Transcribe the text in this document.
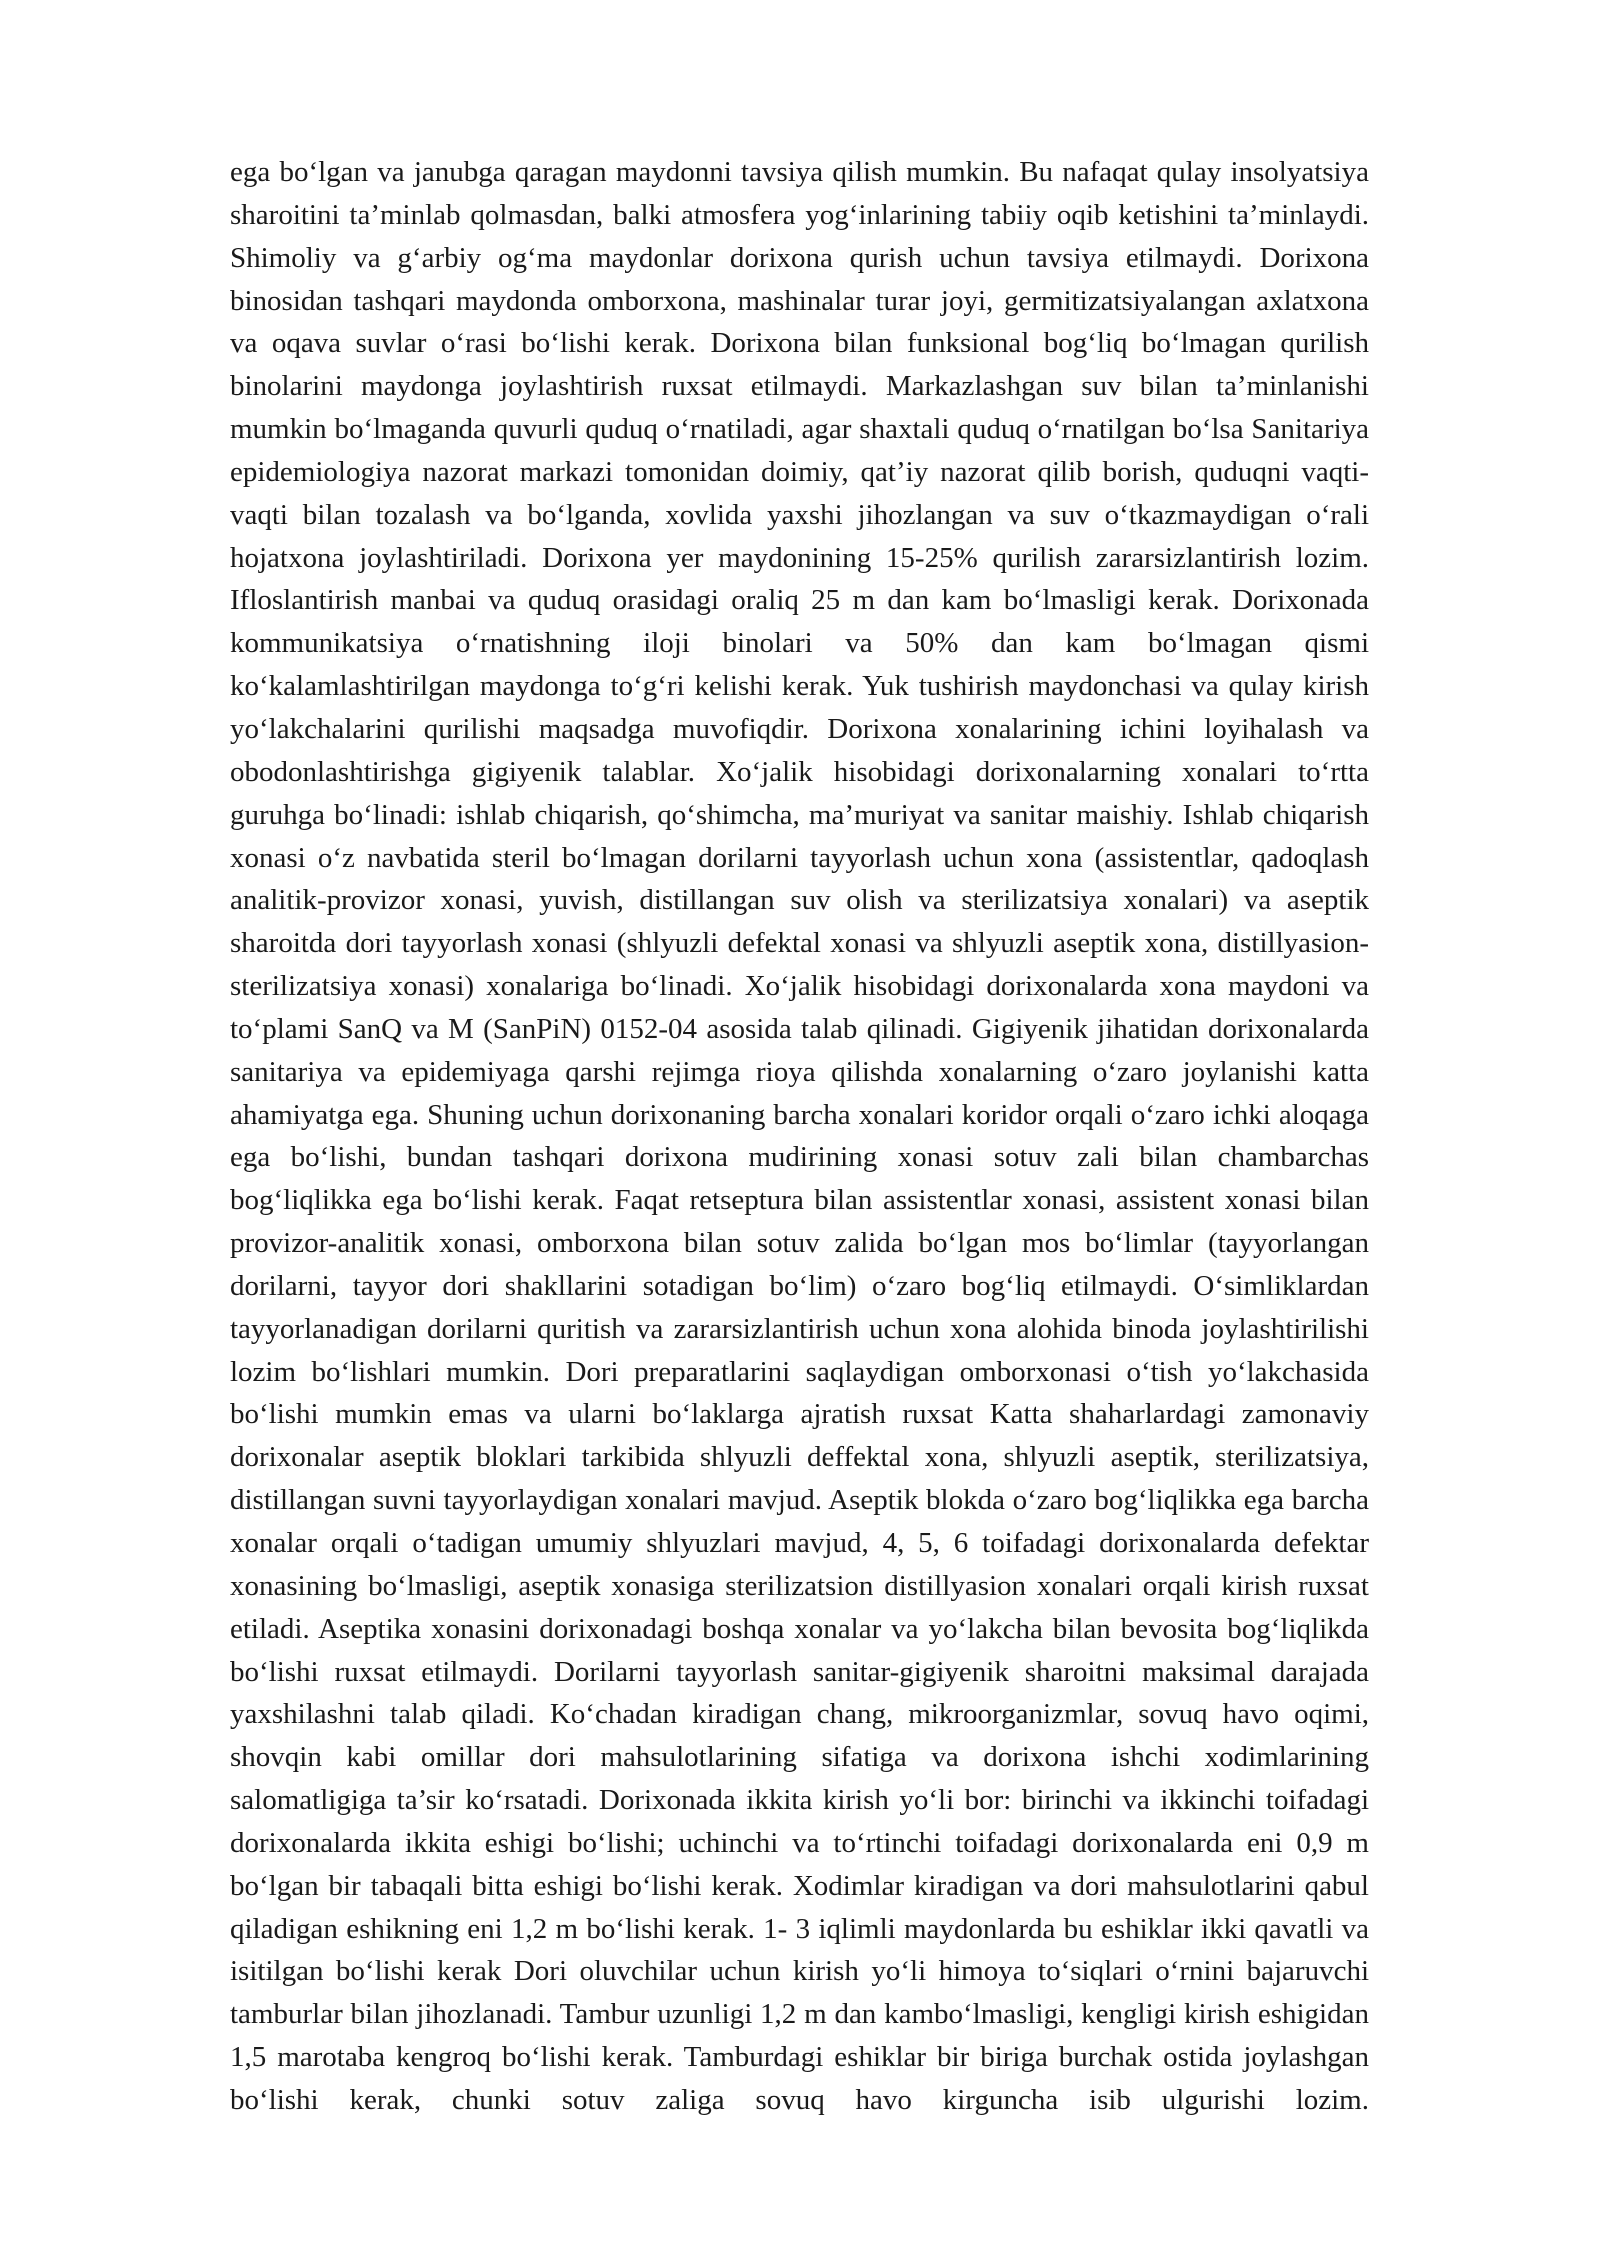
ega boʻlgan va janubga qaragan maydonni tavsiya qilish mumkin. Bu nafaqat qulay insolyatsiya sharoitini ta’minlab qolmasdan, balki atmosfera yogʻinlarining tabiiy oqib ketishini ta’minlaydi. Shimoliy va gʻarbiy ogʻma maydonlar dorixona qurish uchun tavsiya etilmaydi. Dorixona binosidan tashqari maydonda omborxona, mashinalar turar joyi, germitizatsiyalangan axlatxona va oqava suvlar oʻrasi boʻlishi kerak. Dorixona bilan funksional bogʻliq boʻlmagan qurilish binolarini maydonga joylashtirish ruxsat etilmaydi. Markazlashgan suv bilan ta’minlanishi mumkin boʻlmaganda quvurli quduq oʻrnatiladi, agar shaxtali quduq oʻrnatilgan boʻlsa Sanitariya epidemiologiya nazorat markazi tomonidan doimiy, qat’iy nazorat qilib borish, quduqni vaqti-vaqti bilan tozalash va boʻlganda, xovlida yaxshi jihozlangan va suv oʻtkazmaydigan oʻrali hojatxona joylashtiriladi. Dorixona yer maydonining 15-25% qurilish zararsizlantirish lozim. Ifloslantirish manbai va quduq orasidagi oraliq 25 m dan kam boʻlmasligi kerak. Dorixonada kommunikatsiya oʻrnatishning iloji binolari va 50% dan kam boʻlmagan qismi koʻkalamlashtirilgan maydonga toʻgʻri kelishi kerak. Yuk tushirish maydonchasi va qulay kirish yoʻlakchalarini qurilishi maqsadga muvofiqdir. Dorixona xonalarining ichini loyihalash va obodonlashtirishga gigiyenik talablar. Xoʻjalik hisobidagi dorixonalarning xonalari toʻrtta guruhga boʻlinadi: ishlab chiqarish, qoʻshimcha, ma’muriyat va sanitar maishiy. Ishlab chiqarish xonasi oʻz navbatida steril boʻlmagan dorilarni tayyorlash uchun xona (assistentlar, qadoqlash analitik-provizor xonasi, yuvish, distillangan suv olish va sterilizatsiya xonalari) va aseptik sharoitda dori tayyorlash xonasi (shlyuzli defektal xonasi va shlyuzli aseptik xona, distillyasion-sterilizatsiya xonasi) xonalariga boʻlinadi. Xoʻjalik hisobidagi dorixonalarda xona maydoni va toʻplami SanQ va M (SanPiN) 0152-04 asosida talab qilinadi. Gigiyenik jihatidan dorixonalarda sanitariya va epidemiyaga qarshi rejimga rioya qilishda xonalarning oʻzaro joylanishi katta ahamiyatga ega. Shuning uchun dorixonaning barcha xonalari koridor orqali oʻzaro ichki aloqaga ega boʻlishi, bundan tashqari dorixona mudirining xonasi sotuv zali bilan chambarchas bogʻliqlikka ega boʻlishi kerak. Faqat retseptura bilan assistentlar xonasi, assistent xonasi bilan provizor-analitik xonasi, omborxona bilan sotuv zalida boʻlgan mos boʻlimlar (tayyorlangan dorilarni, tayyor dori shakllarini sotadigan boʻlim) oʻzaro bogʻliq etilmaydi. Oʻsimliklardan tayyorlanadigan dorilarni quritish va zararsizlantirish uchun xona alohida binoda joylashtirilishi lozim boʻlishlari mumkin. Dori preparatlarini saqlaydigan omborxonasi oʻtish yoʻlakchasida boʻlishi mumkin emas va ularni boʻlaklarga ajratish ruxsat Katta shaharlardagi zamonaviy dorixonalar aseptik bloklari tarkibida shlyuzli deffektal xona, shlyuzli aseptik, sterilizatsiya, distillangan suvni tayyorlaydigan xonalari mavjud. Aseptik blokda oʻzaro bogʻliqlikka ega barcha xonalar orqali oʻtadigan umumiy shlyuzlari mavjud, 4, 5, 6 toifadagi dorixonalarda defektar xonasining boʻlmasligi, aseptik xonasiga sterilizatsion distillyasion xonalari orqali kirish ruxsat etiladi. Aseptika xonasini dorixonadagi boshqa xonalar va yoʻlakcha bilan bevosita bogʻliqlikda boʻlishi ruxsat etilmaydi. Dorilarni tayyorlash sanitar-gigiyenik sharoitni maksimal darajada yaxshilashni talab qiladi. Koʻchadan kiradigan chang, mikroorganizmlar, sovuq havo oqimi, shovqin kabi omillar dori mahsulotlarining sifatiga va dorixona ishchi xodimlarining salomatligiga ta’sir koʻrsatadi. Dorixonada ikkita kirish yoʻli bor: birinchi va ikkinchi toifadagi dorixonalarda ikkita eshigi boʻlishi; uchinchi va toʻrtinchi toifadagi dorixonalarda eni 0,9 m boʻlgan bir tabaqali bitta eshigi boʻlishi kerak. Xodimlar kiradigan va dori mahsulotlarini qabul qiladigan eshikning eni 1,2 m boʻlishi kerak. 1- 3 iqlimli maydonlarda bu eshiklar ikki qavatli va isitilgan boʻlishi kerak Dori oluvchilar uchun kirish yoʻli himoya toʻsiqlari oʻrnini bajaruvchi tamburlar bilan jihozlanadi. Tambur uzunligi 1,2 m dan kamboʻlmasligi, kengligi kirish eshigidan 1,5 marotaba kengroq boʻlishi kerak. Tamburdagi eshiklar bir biriga burchak ostida joylashgan boʻlishi kerak, chunki sotuv zaliga sovuq havo kirguncha isib ulgurishi lozim.
